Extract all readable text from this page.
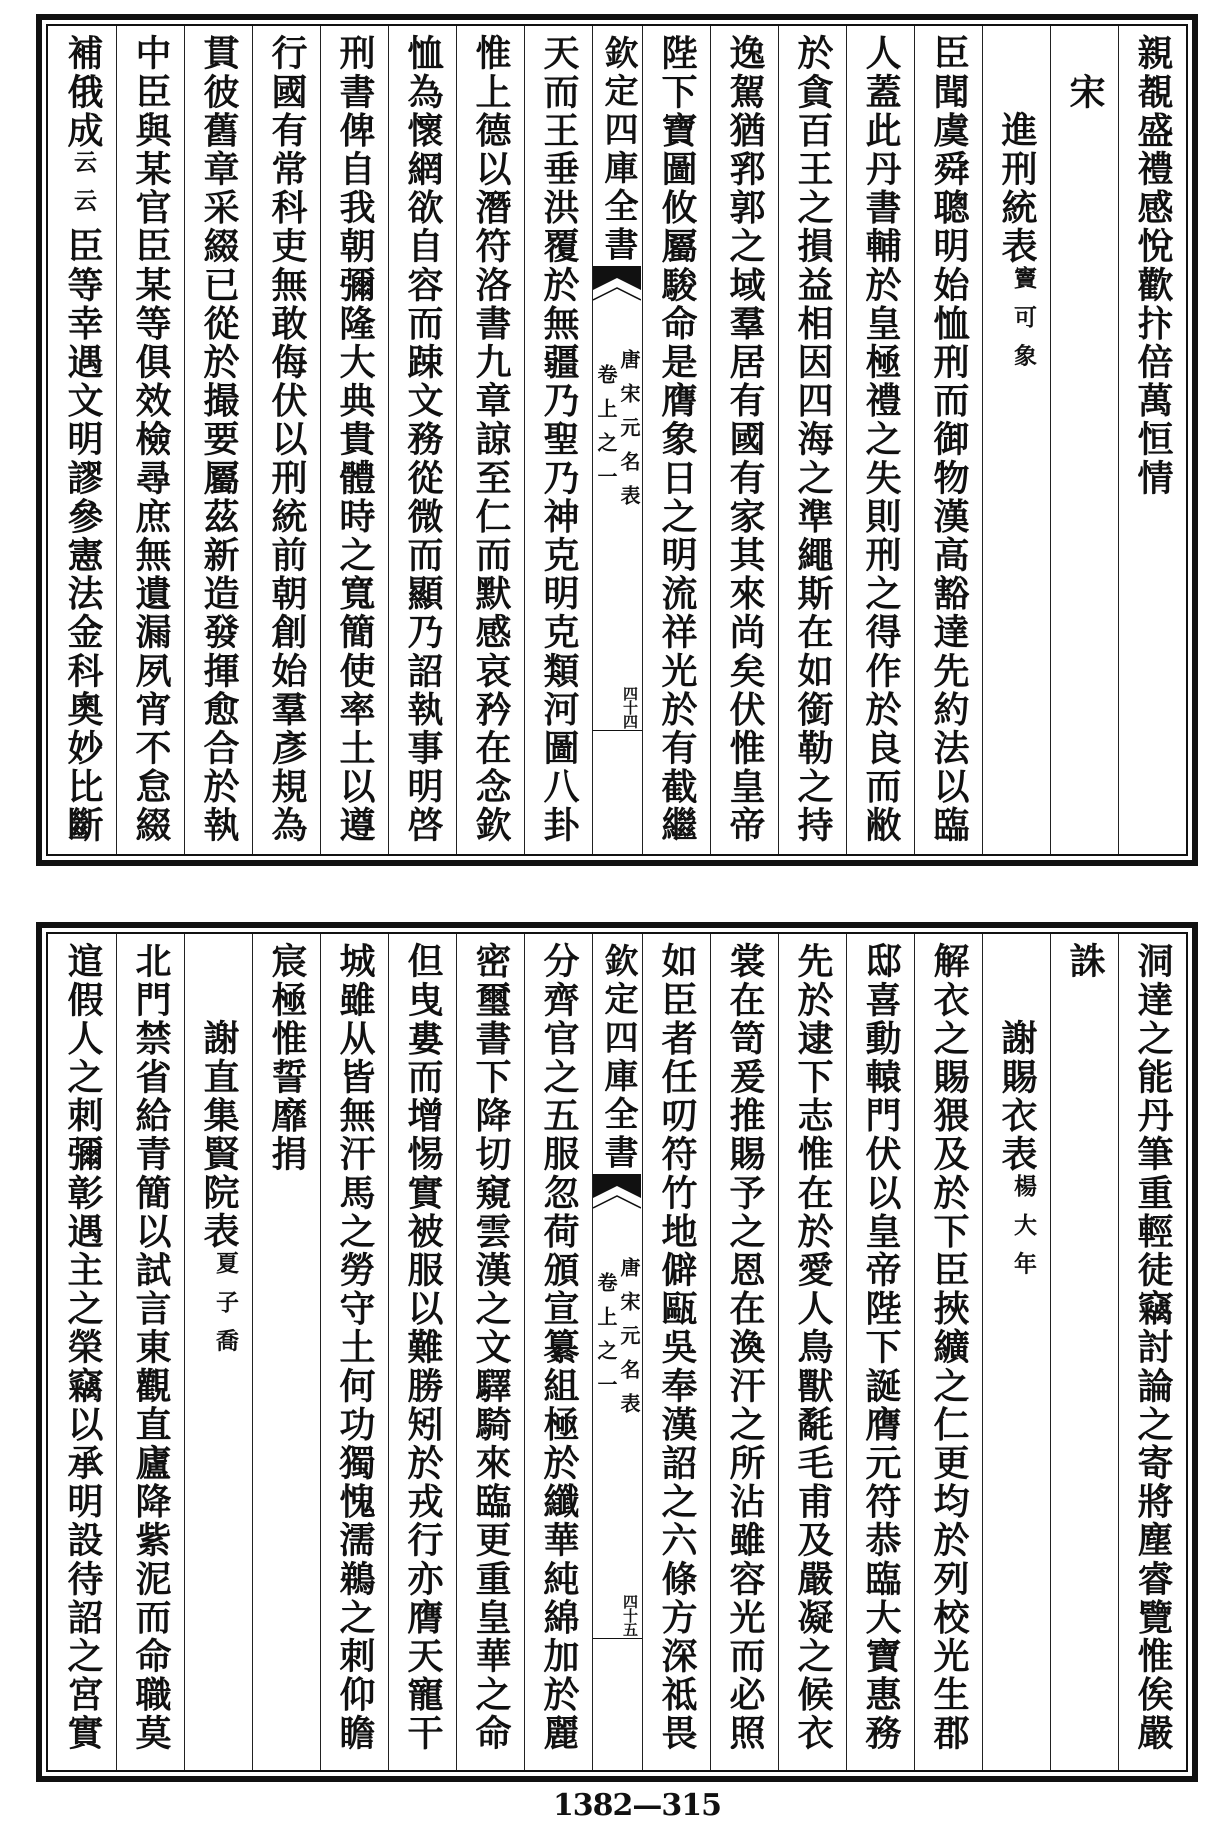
親覩盛禮感悅歡抃倍萬恒情
宋
進刑統表竇可象
臣聞虞舜聰明始恤刑而御物漢高豁達先約法以臨
人蓋此丹書輔於皇極禮之失則刑之得作於良而敝
於貪百王之損益相因四海之準繩斯在如銜勒之持
逸駕猶郛郭之域羣居有國有家其來尚矣伏惟皇帝
陛下寶圖攸屬駿命是膺象日之明流祥光於有截繼
欽定四庫全書
唐宋元名表
卷上之一
四十四
天而王垂洪覆於無疆乃聖乃神克明克類河圖八卦
惟上德以潛符洛書九章諒至仁而默感哀矜在念欽
恤為懷網欲自容而踈文務從微而顯乃詔執事明啓
刑書俾自我朝彌隆大典貴體時之寬簡使率土以遵
行國有常科吏無敢侮伏以刑統前朝創始羣彥規為
貫彼舊章采綴已從於撮要屬茲新造發揮愈合於執
中臣與某官臣某等俱效檢尋庶無遺漏夙宵不怠綴
補俄成云云臣等幸遇文明謬參憲法金科奧妙比斷
洞達之能丹筆重輕徒竊討論之寄將塵睿覽惟俟嚴
誅
謝賜衣表楊大年
解衣之賜猥及於下臣挾纊之仁更均於列校光生郡
邸喜動轅門伏以皇帝陛下誕膺元符恭臨大寶惠務
先於逮下志惟在於愛人鳥獸氄毛甫及嚴凝之候衣
裳在笥爰推賜予之恩在渙汗之所沾雖容光而必照
如臣者任叨符竹地僻甌吳奉漢詔之六條方深祗畏
欽定四庫全書
唐宋元名表
卷上之一
四十五
分齊官之五服忽荷頒宣纂組極於纖華純綿加於麗
密璽書下降切窺雲漢之文驛騎來臨更重皇華之命
但曳婁而增惕實被服以難勝矧於戎行亦膺天寵干
城雖从皆無汗馬之勞守土何功獨愧濡鵜之刺仰瞻
宸極惟誓靡捐
謝直集賢院表夏子喬
北門禁省給青簡以試言東觀直廬降紫泥而命職莫
逭假人之刺彌彰遇主之榮竊以承明設待詔之宮實
1382—315
